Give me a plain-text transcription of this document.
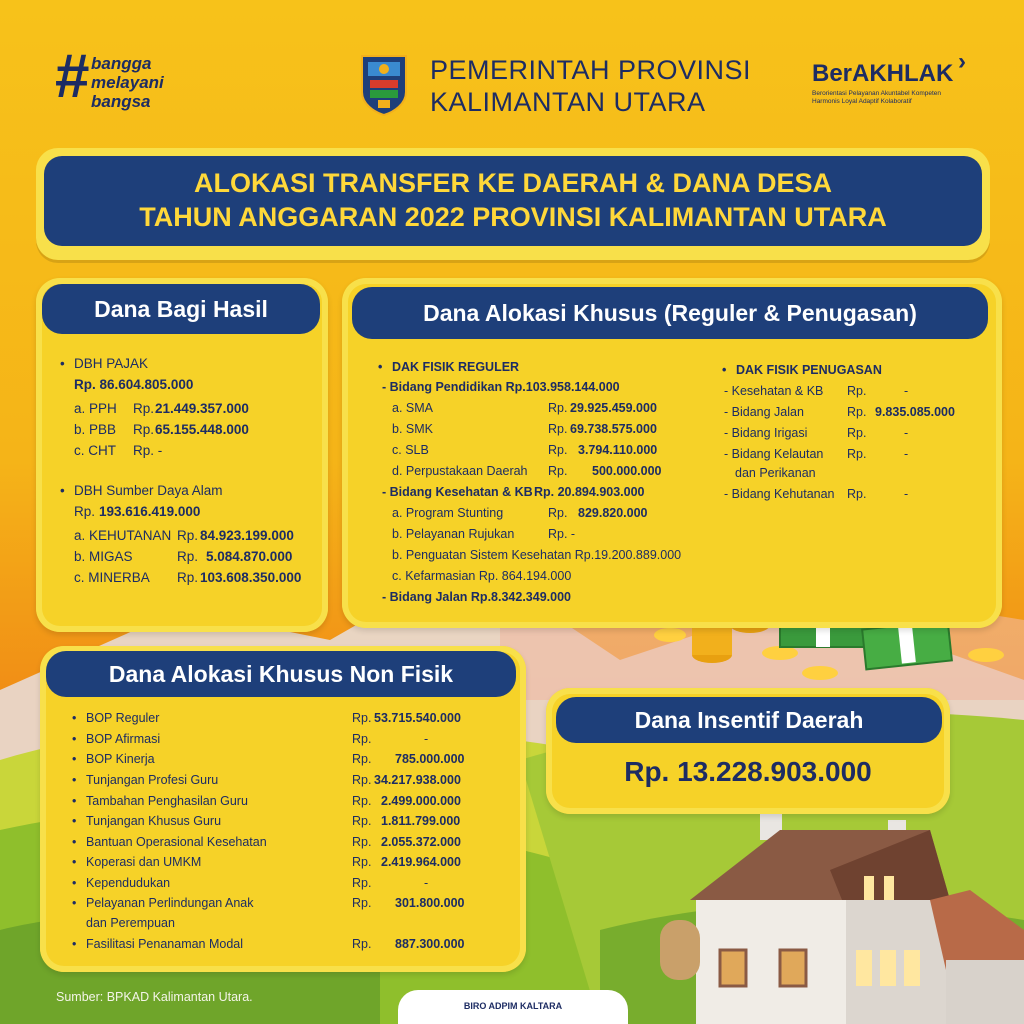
# bangga
melayani
bangsa
PEMERINTAH PROVINSI
KALIMANTAN UTARA
›
BerAKHLAK
Berorientasi Pelayanan Akuntabel Kompeten
Harmonis Loyal Adaptif Kolaboratif
ALOKASI TRANSFER KE DAERAH & DANA DESA
TAHUN ANGGARAN 2022 PROVINSI KALIMANTAN UTARA
Dana Bagi Hasil
• DBH PAJAK
Rp. 86.604.805.000
a. PPH Rp. 21.449.357.000
b. PBB Rp. 65.155.448.000
c. CHT Rp. -
• DBH Sumber Daya Alam
Rp. 193.616.419.000
a. KEHUTANAN Rp. 84.923.199.000
b. MIGAS	Rp. 5.084.870.000
c. MINERBA Rp. 103.608.350.000
Dana Alokasi Khusus (Reguler & Penugasan)
• DAK FISIK REGULER
- Bidang Pendidikan Rp.103.958.144.000
a. SMA	Rp. 29.925.459.000
b. SMK	Rp. 69.738.575.000
c. SLB	Rp. 3.794.110.000
d. Perpustakaan Daerah Rp. 500.000.000
- Bidang Kesehatan & KB Rp. 20.894.903.000
a. Program Stunting	Rp. 829.820.000
b. Pelayanan Rujukan	Rp. -
b. Penguatan Sistem Kesehatan Rp.19.200.889.000
c. Kefarmasian Rp. 864.194.000
- Bidang Jalan Rp.8.342.349.000
• DAK FISIK PENUGASAN
- Kesehatan & KB Rp.	-
- Bidang Jalan	Rp. 9.835.085.000
- Bidang Irigasi	Rp.	-
- Bidang Kelautan Rp.	-
dan Perikanan
- Bidang Kehutanan Rp.	-
Dana Alokasi Khusus Non Fisik
• BOP Reguler	Rp. 53.715.540.000
• BOP Afirmasi	Rp.	-
• BOP Kinerja	Rp. 785.000.000
• Tunjangan Profesi Guru	Rp. 34.217.938.000
• Tambahan Penghasilan Guru	Rp. 2.499.000.000
• Tunjangan Khusus Guru	Rp. 1.811.799.000
• Bantuan Operasional Kesehatan	Rp. 2.055.372.000
• Koperasi dan UMKM	Rp. 2.419.964.000
• Kependudukan	Rp.	-
• Pelayanan Perlindungan Anak	Rp. 301.800.000
dan Perempuan
• Fasilitasi Penanaman Modal	Rp. 887.300.000
Dana Insentif Daerah
Rp. 13.228.903.000
Sumber: BPKAD Kalimantan Utara.
BIRO ADPIM KALTARA
